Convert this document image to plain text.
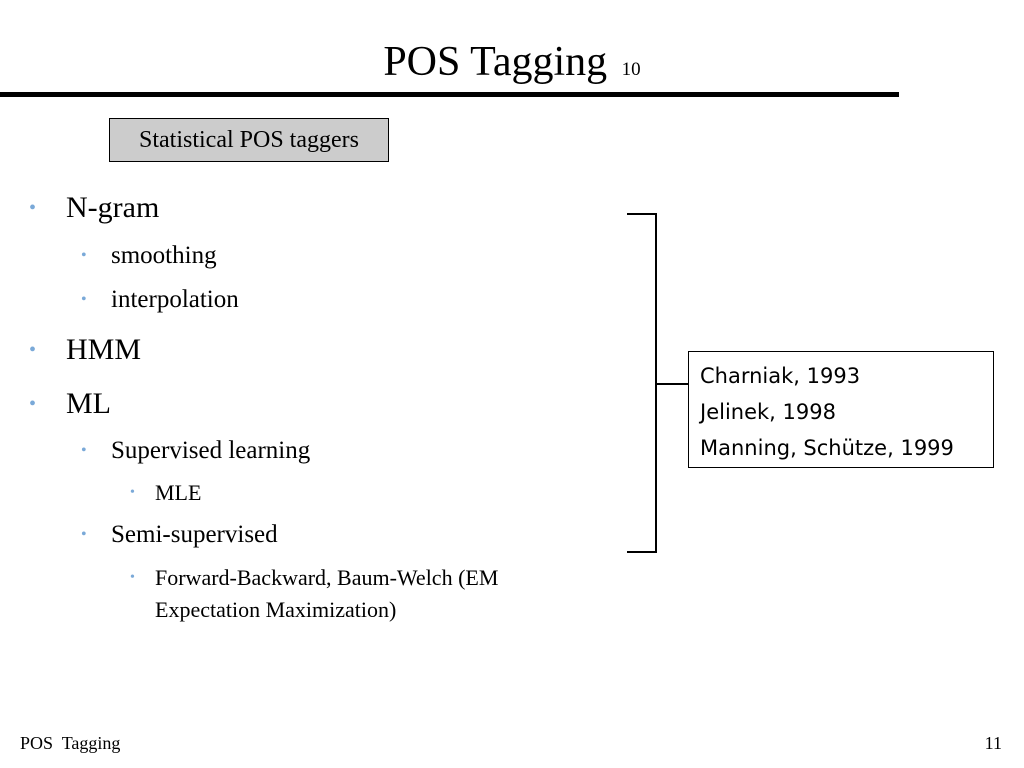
POS Tagging 10
Statistical POS taggers
• N-gram
• smoothing
• interpolation
• HMM
• ML
• Supervised learning
• MLE
• Semi-supervised
• Forward-Backward, Baum-Welch (EM
Expectation Maximization)
Charniak, 1993
Jelinek, 1998
Manning, Schütze, 1999
POS  Tagging	11
